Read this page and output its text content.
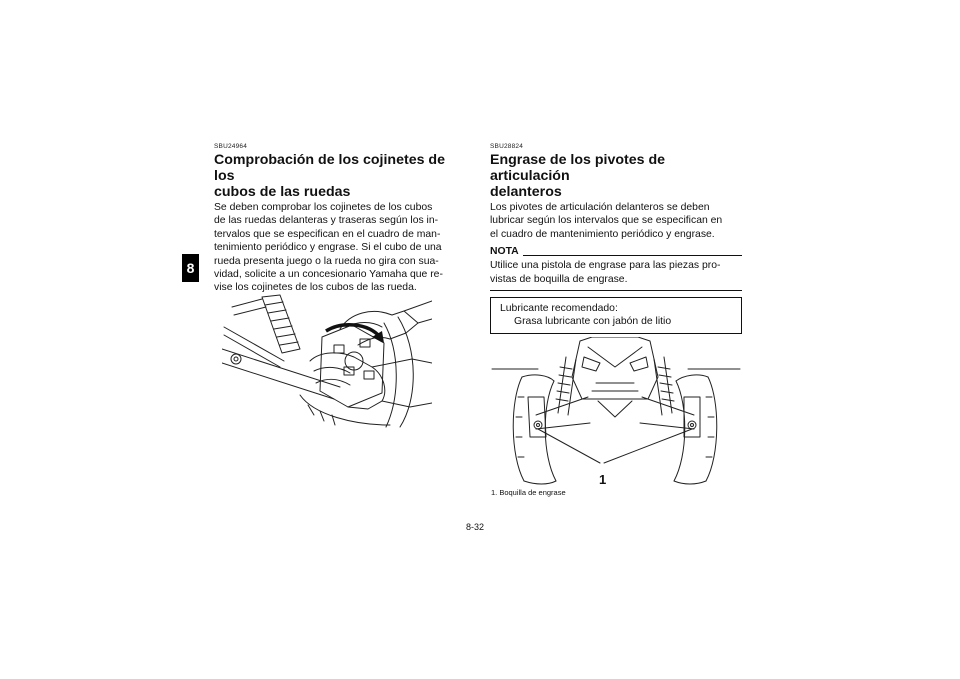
8
SBU24964
Comprobación de los cojinetes de los
cubos de las ruedas
Se deben comprobar los cojinetes de los cubos
de las ruedas delanteras y traseras según los in-
tervalos que se especifican en el cuadro de man-
tenimiento periódico y engrase. Si el cubo de una
rueda presenta juego o la rueda no gira con sua-
vidad, solicite a un concesionario Yamaha que re-
vise los cojinetes de los cubos de las rueda.
SBU28824
Engrase de los pivotes de articulación
delanteros
Los pivotes de articulación delanteros se deben
lubricar según los intervalos que se especifican en
el cuadro de mantenimiento periódico y engrase.
NOTA
Utilice una pistola de engrase para las piezas pro-
vistas de boquilla de engrase.
Lubricante recomendado:
Grasa lubricante con jabón de litio
1
1. Boquilla de engrase
8-32
